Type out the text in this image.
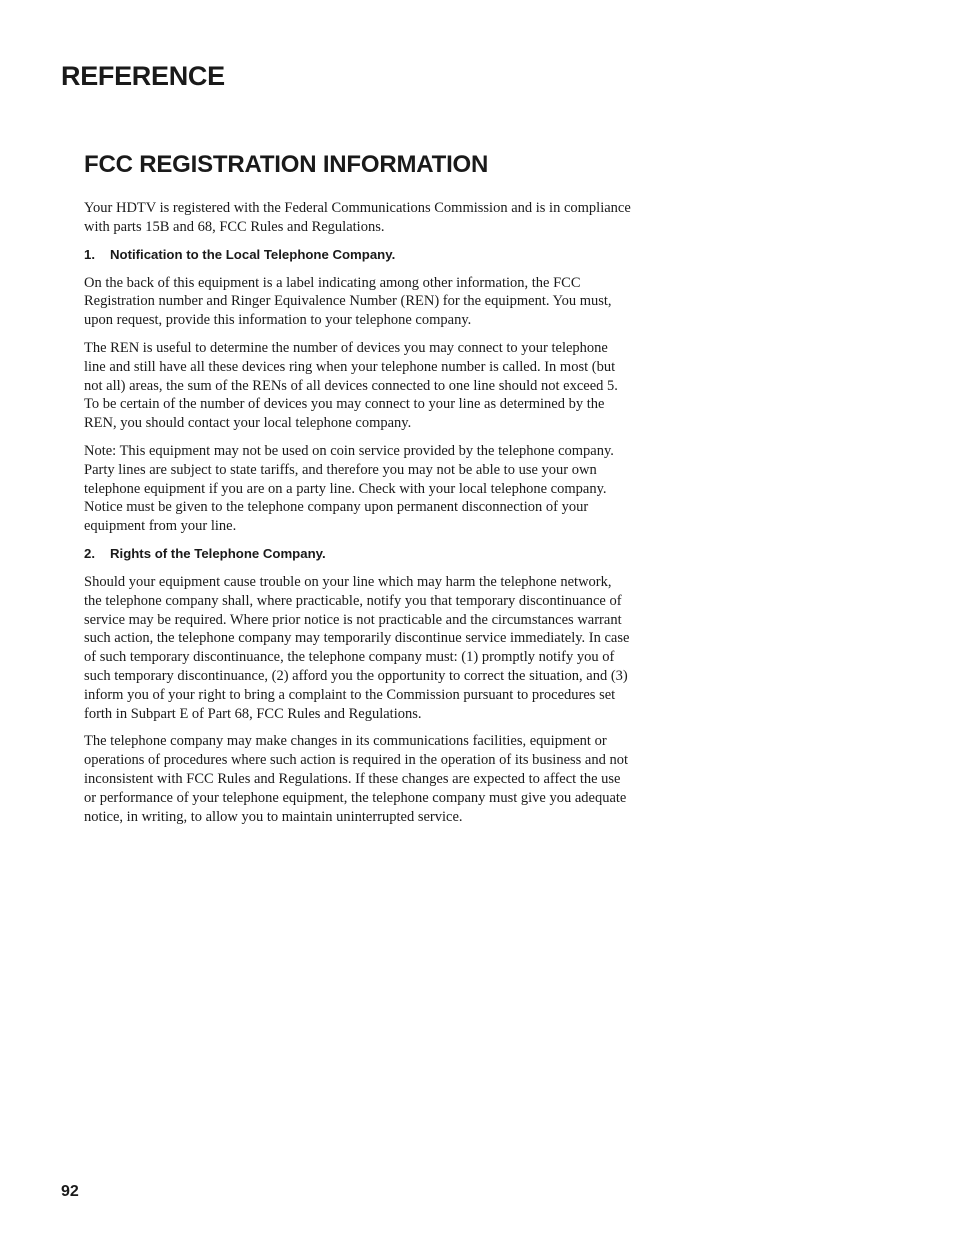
REFERENCE
FCC REGISTRATION INFORMATION

Your HDTV is registered with the Federal Communications Commission and is in compliance with parts 15B and 68, FCC Rules and Regulations.

1. Notification to the Local Telephone Company.

On the back of this equipment is a label indicating among other information, the FCC Registration number and Ringer Equivalence Number (REN) for the equipment. You must, upon request, provide this information to your telephone company.

The REN is useful to determine the number of devices you may connect to your telephone line and still have all these devices ring when your telephone number is called. In most (but not all) areas, the sum of the RENs of all devices connected to one line should not exceed 5. To be certain of the number of devices you may connect to your line as determined by the REN, you should contact your local telephone company.

Note: This equipment may not be used on coin service provided by the telephone company. Party lines are subject to state tariffs, and therefore you may not be able to use your own telephone equipment if you are on a party line. Check with your local telephone company. Notice must be given to the telephone company upon permanent disconnection of your equipment from your line.

2. Rights of the Telephone Company.

Should your equipment cause trouble on your line which may harm the telephone network, the telephone company shall, where practicable, notify you that temporary discontinuance of service may be required. Where prior notice is not practicable and the circumstances warrant such action, the telephone company may temporarily discontinue service immediately. In case of such temporary discontinuance, the telephone company must: (1) promptly notify you of such temporary discontinuance, (2) afford you the opportunity to correct the situation, and (3) inform you of your right to bring a complaint to the Commission pursuant to procedures set forth in Subpart E of Part 68, FCC Rules and Regulations.

The telephone company may make changes in its communications facilities, equipment or operations of procedures where such action is required in the operation of its business and not inconsistent with FCC Rules and Regulations. If these changes are expected to affect the use or performance of your telephone equipment, the telephone company must give you adequate notice, in writing, to allow you to maintain uninterrupted service.

92
